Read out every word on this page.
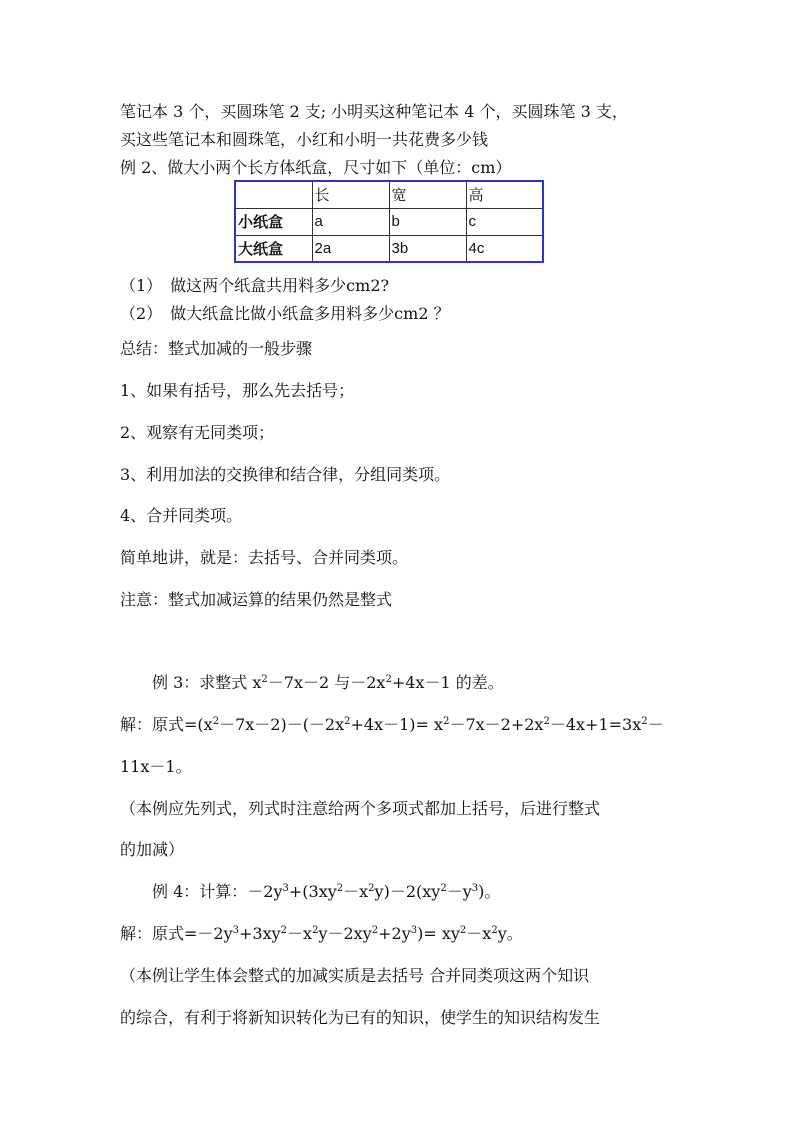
笔记本 3 个，买圆珠笔 2 支; 小明买这种笔记本 4 个，买圆珠笔 3 支，
买这些笔记本和圆珠笔，小红和小明一共花费多少钱
例 2、做大小两个长方体纸盒，尺寸如下（单位：cm）
	长	宽	高
小纸盒	a	b	c
大纸盒	2a	3b	4c
（1）　做这两个纸盒共用料多少cm2?
（2）　做大纸盒比做小纸盒多用料多少cm2 ？
总结：整式加减的一般步骤
1、如果有括号，那么先去括号；
2、观察有无同类项；
3、利用加法的交换律和结合律，分组同类项。
4、合并同类项。
简单地讲，就是：去括号、合并同类项。
注意：整式加减运算的结果仍然是整式
例 3：求整式 $x^2-7x-2$ 与$-2x^2+4x-1$ 的差。
解：原式$=(x^2-7x-2)-(-2x^2+4x-1)= x^2-7x-2+2x^2-4x+1=3x^2-$
11x－1。
（本例应先列式，列式时注意给两个多项式都加上括号，后进行整式
的加减）
例 4：计算：$-2y^3+(3xy^2-x^2y)-2(xy^2-y^3)$。
解：原式$=-2y^3+3xy^2-x^2y-2xy^2+2y^3)= xy^2-x^2y$。
（本例让学生体会整式的加减实质是去括号 合并同类项这两个知识
的综合，有利于将新知识转化为已有的知识，使学生的知识结构发生
